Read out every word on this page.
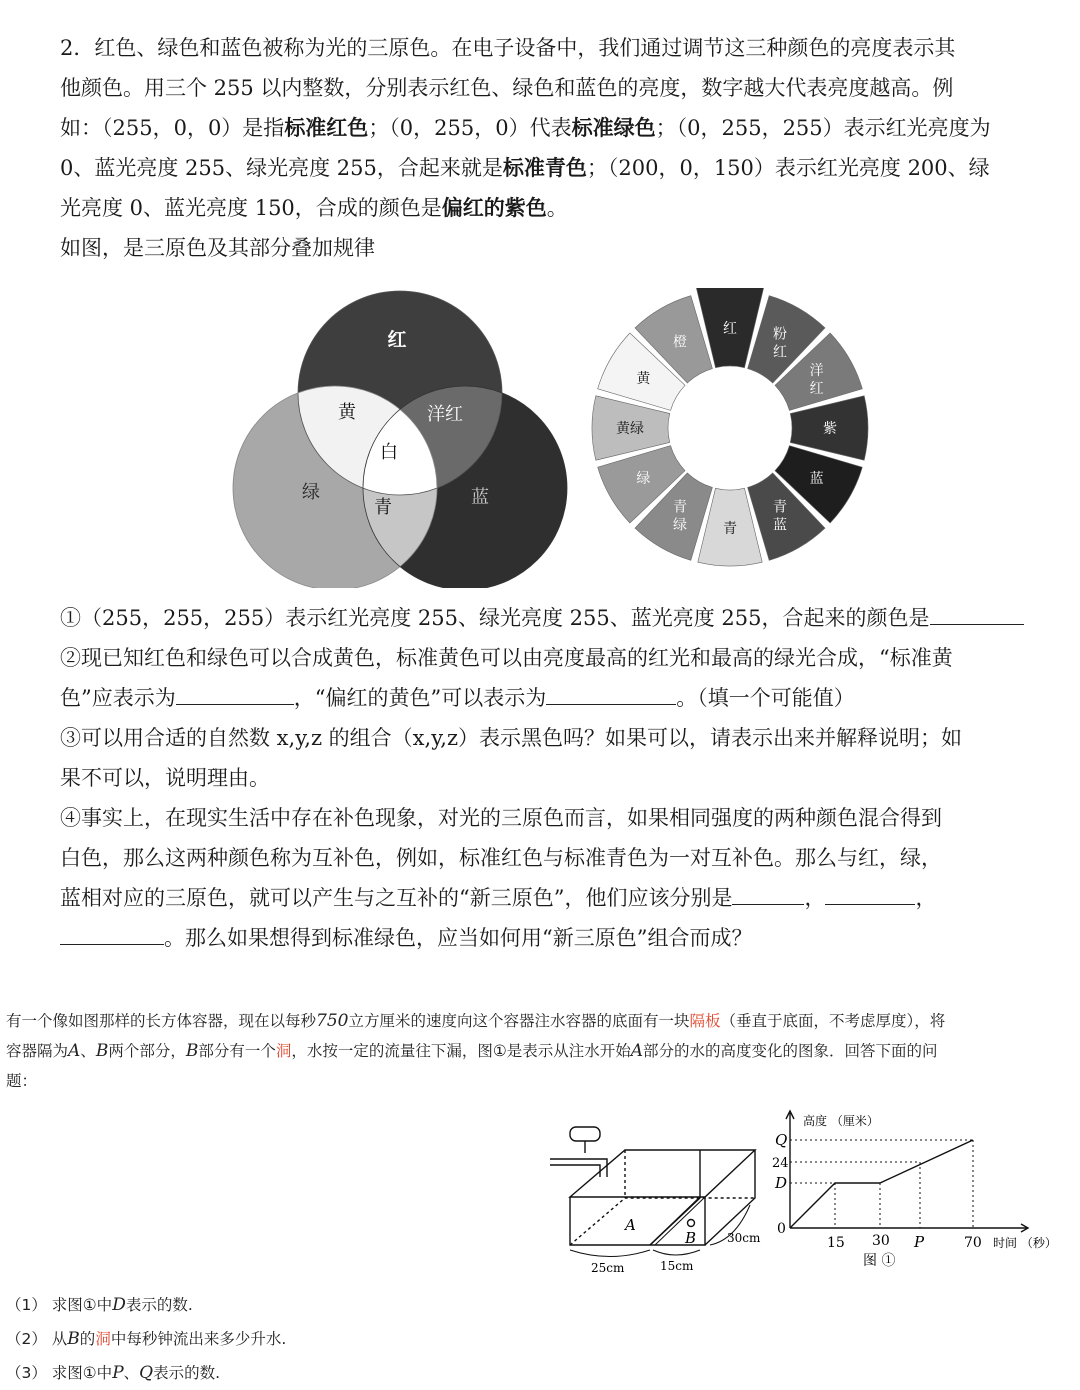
2．红色、绿色和蓝色被称为光的三原色。在电子设备中，我们通过调节这三种颜色的亮度表示其
他颜色。用三个 255 以内整数，分别表示红色、绿色和蓝色的亮度，数字越大代表亮度越高。例
如：（255，0，0）是指标准红色；（0，255，0）代表标准绿色；（0，255，255）表示红光亮度为
0、蓝光亮度 255、绿光亮度 255，合起来就是标准青色；（200，0，150）表示红光亮度 200、绿
光亮度 0、蓝光亮度 150，合成的颜色是偏红的紫色。
如图，是三原色及其部分叠加规律
红
黄	洋红
白
绿
青	蓝
红	粉红
洋红
紫
蓝
青蓝
青
青绿
绿
黄绿
黄
橙
①（255，255，255）表示红光亮度 255、绿光亮度 255、蓝光亮度 255，合起来的颜色是
②现已知红色和绿色可以合成黄色，标准黄色可以由亮度最高的红光和最高的绿光合成，“标准黄
色”应表示为	，“偏红的黄色”可以表示为	。（填一个可能值）
③可以用合适的自然数 x,y,z 的组合（x,y,z）表示黑色吗？如果可以，请表示出来并解释说明；如
果不可以，说明理由。
④事实上，在现实生活中存在补色现象，对光的三原色而言，如果相同强度的两种颜色混合得到
白色，那么这两种颜色称为互补色，例如，标准红色与标准青色为一对互补色。那么与红，绿，
蓝相对应的三原色，就可以产生与之互补的“新三原色”，他们应该分别是	，	，
。那么如果想得到标准绿色，应当如何用“新三原色”组合而成？
有一个像如图那样的长方体容器，现在以每秒750立方厘米的速度向这个容器注水容器的底面有一块隔板（垂直于底面，不考虑厚度），将
容器隔为A、B两个部分，B部分有一个洞，水按一定的流量往下漏，图①是表示从注水开始A部分的水的高度变化的图象．回答下面的问
题：
A
B
25cm	15cm
30cm
高度 （厘米）
Q
24
D
0
15 30 P	70 时间 （秒）
图 ①
（1） 求图①中D表示的数.
（2） 从B的洞中每秒钟流出来多少升水.
（3） 求图①中P、Q表示的数.
